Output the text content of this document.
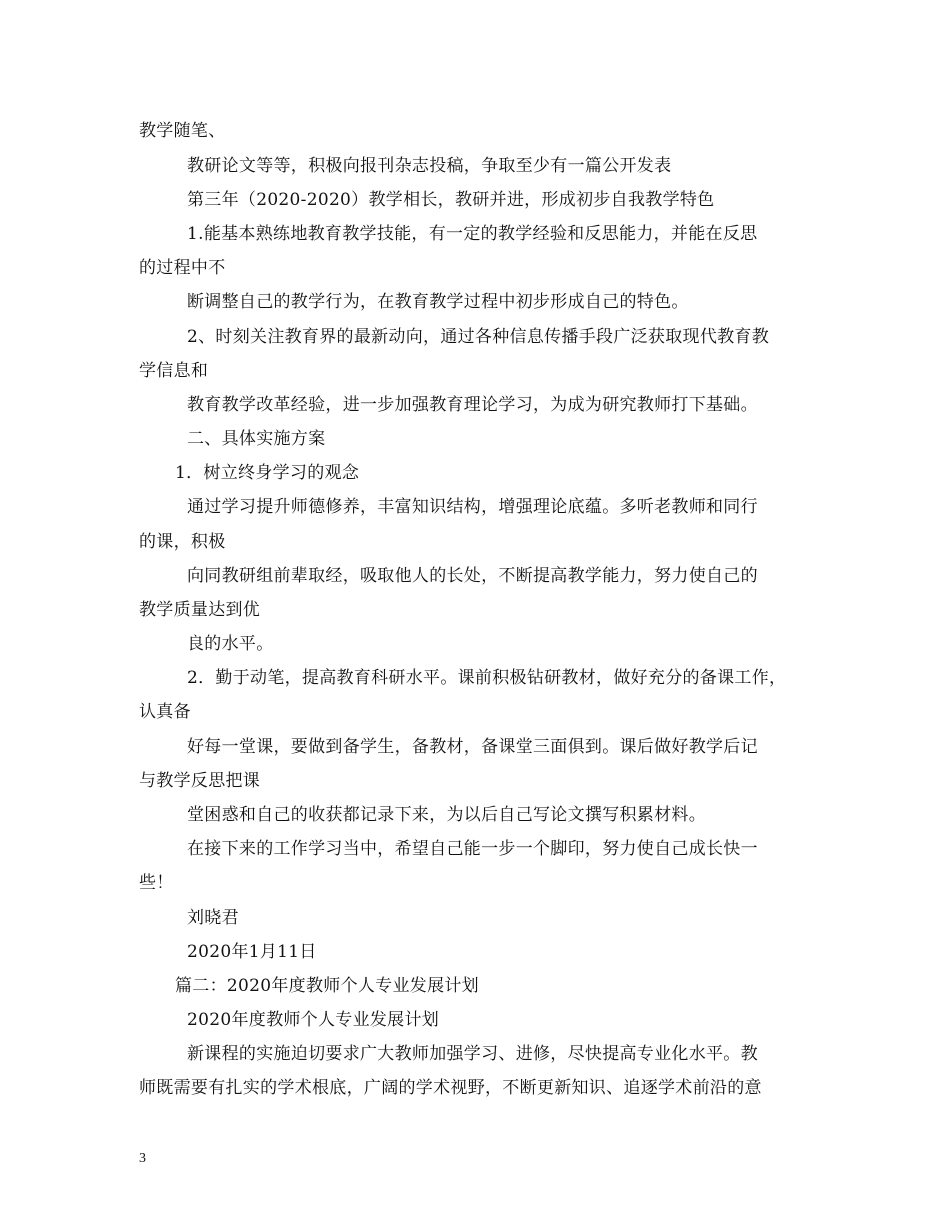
教学随笔、
教研论文等等，积极向报刊杂志投稿，争取至少有一篇公开发表
第三年（2020-2020）教学相长，教研并进，形成初步自我教学特色
1.能基本熟练地教育教学技能，有一定的教学经验和反思能力，并能在反思
的过程中不
断调整自己的教学行为，在教育教学过程中初步形成自己的特色。
2、时刻关注教育界的最新动向，通过各种信息传播手段广泛获取现代教育教
学信息和
教育教学改革经验，进一步加强教育理论学习，为成为研究教师打下基础。
二、具体实施方案
1．树立终身学习的观念
通过学习提升师德修养，丰富知识结构，增强理论底蕴。多听老教师和同行
的课，积极
向同教研组前辈取经，吸取他人的长处，不断提高教学能力，努力使自己的
教学质量达到优
良的水平。
2．勤于动笔，提高教育科研水平。课前积极钻研教材，做好充分的备课工作，
认真备
好每一堂课，要做到备学生，备教材，备课堂三面俱到。课后做好教学后记
与教学反思把课
堂困惑和自己的收获都记录下来，为以后自己写论文撰写积累材料。
在接下来的工作学习当中，希望自己能一步一个脚印，努力使自己成长快一
些！
刘晓君
2020年1月11日
篇二：2020年度教师个人专业发展计划
2020年度教师个人专业发展计划
新课程的实施迫切要求广大教师加强学习、进修，尽快提高专业化水平。教
师既需要有扎实的学术根底，广阔的学术视野，不断更新知识、追逐学术前沿的意
3
